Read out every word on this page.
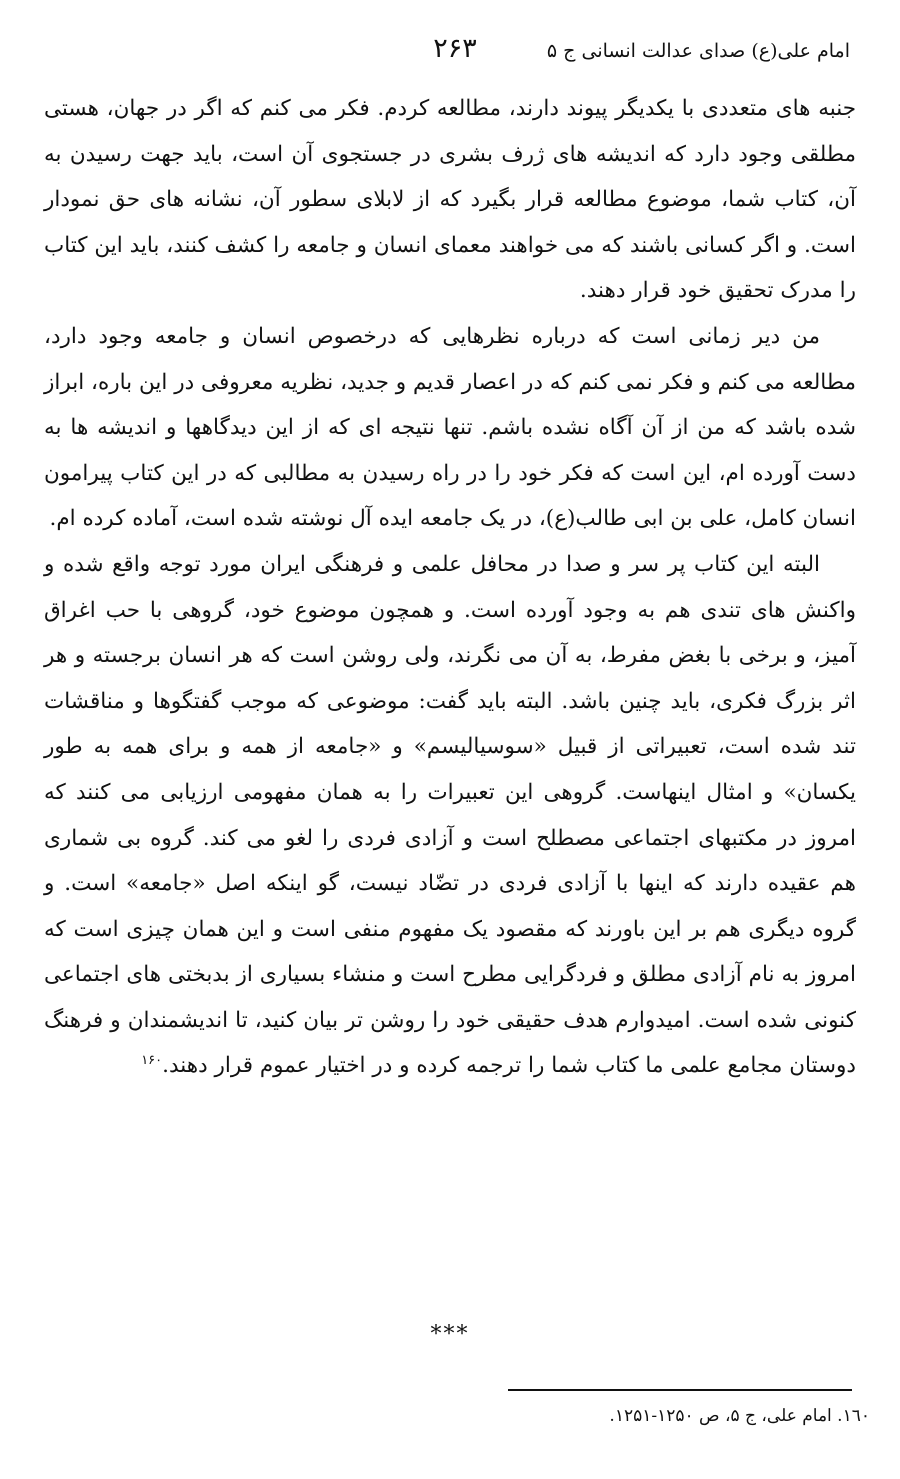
امام علی(ع) صدای عدالت انسانی ج ۵
۲۶۳

جنبه های متعددی با یکدیگر پیوند دارند، مطالعه کردم. فکر می کنم که اگر در جهان، هستی مطلقی وجود دارد که اندیشه های ژرف بشری در جستجوی آن است، باید جهت رسیدن به آن، کتاب شما، موضوع مطالعه قرار بگیرد که از لابلای سطور آن، نشانه های حق نمودار است. و اگر کسانی باشند که می خواهند معمای انسان و جامعه را کشف کنند، باید این کتاب را مدرک تحقیق خود قرار دهند.

من دیر زمانی است که درباره نظرهایی که درخصوص انسان و جامعه وجود دارد، مطالعه می کنم و فکر نمی کنم که در اعصار قدیم و جدید، نظریه معروفی در این باره، ابراز شده باشد که من از آن آگاه نشده باشم. تنها نتیجه ای که از این دیدگاهها و اندیشه ها به دست آورده ام، این است که فکر خود را در راه رسیدن به مطالبی که در این کتاب پیرامون انسان کامل، علی بن ابی طالب(ع)، در یک جامعه ایده آل نوشته شده است، آماده کرده ام.

البته این کتاب پر سر و صدا در محافل علمی و فرهنگی ایران مورد توجه واقع شده و واکنش های تندی هم به وجود آورده است. و همچون موضوع خود، گروهی با حب اغراق آمیز، و برخی با بغض مفرط، به آن می نگرند، ولی روشن است که هر انسان برجسته و هر اثر بزرگ فکری، باید چنین باشد. البته باید گفت: موضوعی که موجب گفتگوها و مناقشات تند شده است، تعبیراتی از قبیل «سوسیالیسم» و «جامعه از همه و برای همه به طور یکسان» و امثال اینهاست. گروهی این تعبیرات را به همان مفهومی ارزیابی می کنند که امروز در مکتبهای اجتماعی مصطلح است و آزادی فردی را لغو می کند. گروه بی شماری هم عقیده دارند که اینها با آزادی فردی در تضّاد نیست، گو اینکه اصل «جامعه» است. و گروه دیگری هم بر این باورند که مقصود یک مفهوم منفی است و این همان چیزی است که امروز به نام آزادی مطلق و فردگرایی مطرح است و منشاء بسیاری از بدبختی های اجتماعی کنونی شده است. امیدوارم هدف حقیقی خود را روشن تر بیان کنید، تا اندیشمندان و فرهنگ دوستان مجامع علمی ما کتاب شما را ترجمه کرده و در اختیار عموم قرار دهند.$^{۱۶۰}$

***
۱٦۰. امام علی، ج ۵، ص ۱۲۵۰-۱۲۵۱.
